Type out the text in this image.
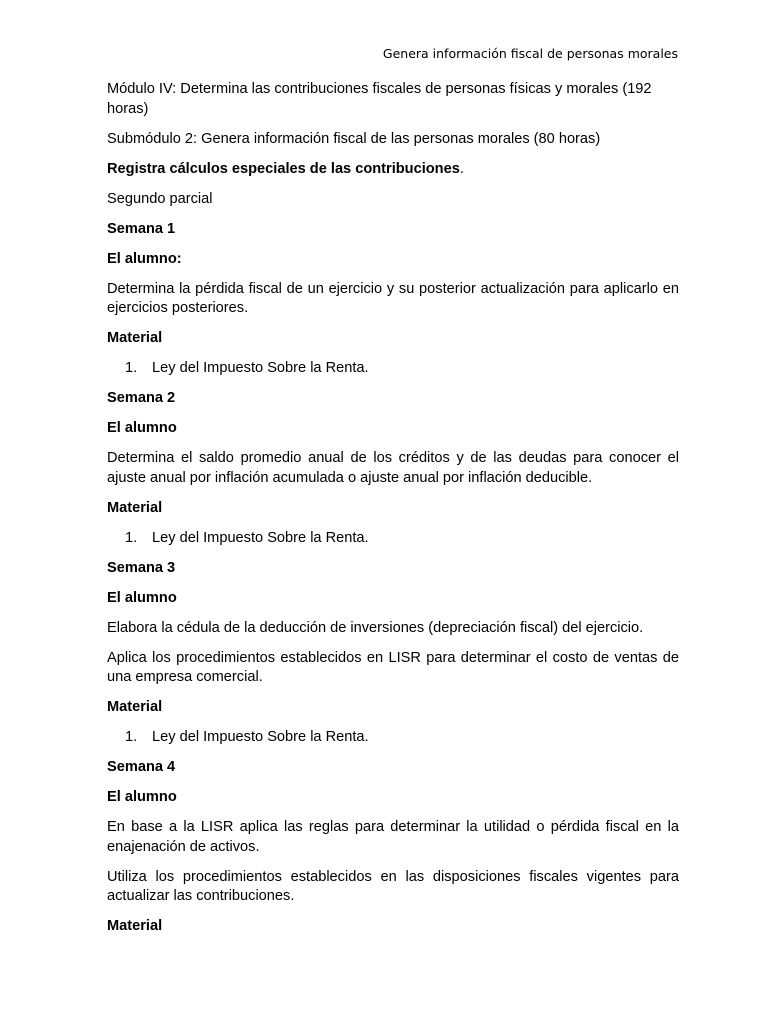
Genera información fiscal de personas morales

Módulo IV: Determina las contribuciones fiscales de personas físicas y morales (192 horas)

Submódulo 2: Genera información fiscal de las personas morales (80 horas)

Registra cálculos especiales de las contribuciones.

Segundo parcial

Semana 1

El alumno:

Determina la pérdida fiscal de un ejercicio y su posterior actualización para aplicarlo en ejercicios posteriores.

Material

1.	Ley del Impuesto Sobre la Renta.

Semana 2

El alumno

Determina el saldo promedio anual de los créditos y de las deudas para conocer el ajuste anual por inflación acumulada o ajuste anual por inflación deducible.

Material

1.	Ley del Impuesto Sobre la Renta.

Semana 3

El alumno

Elabora la cédula de la deducción de inversiones (depreciación fiscal) del ejercicio.

Aplica los procedimientos establecidos en LISR para determinar el costo de ventas de una empresa comercial.

Material

1.	Ley del Impuesto Sobre la Renta.

Semana 4

El alumno

En base a la LISR aplica las reglas para determinar la utilidad o pérdida fiscal en la enajenación de activos.

Utiliza los procedimientos establecidos en las disposiciones fiscales vigentes para actualizar las contribuciones.

Material
